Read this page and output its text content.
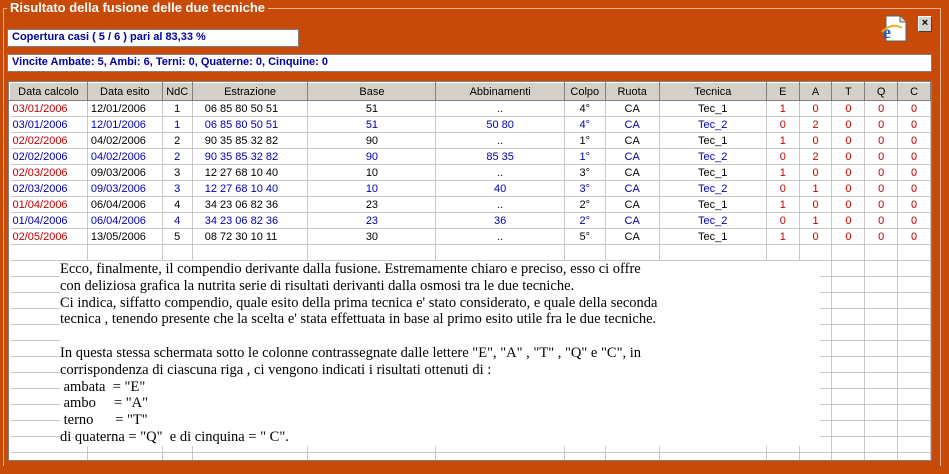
Risultato della fusione delle due tecniche
e	×
Copertura casi ( 5 / 6 ) pari al 83,33 %
Vincite Ambate: 5, Ambi: 6, Terni: 0, Quaterne: 0, Cinquine: 0
Data calcolo	Data esito	NdC	Estrazione	Base	Abbinamenti	Colpo	Ruota	Tecnica	E	A	T	Q	C
03/01/2006	12/01/2006	1	06 85 80 50 51	51	..	4°	CA	Tec_1	1	0	0	0	0
03/01/2006	12/01/2006	1	06 85 80 50 51	51	50 80	4°	CA	Tec_2	0	2	0	0	0
02/02/2006	04/02/2006	2	90 35 85 32 82	90	..	1°	CA	Tec_1	1	0	0	0	0
02/02/2006	04/02/2006	2	90 35 85 32 82	90	85 35	1°	CA	Tec_2	0	2	0	0	0
02/03/2006	09/03/2006	3	12 27 68 10 40	10	..	3°	CA	Tec_1	1	0	0	0	0
02/03/2006	09/03/2006	3	12 27 68 10 40	10	40	3°	CA	Tec_2	0	1	0	0	0
01/04/2006	06/04/2006	4	34 23 06 82 36	23	..	2°	CA	Tec_1	1	0	0	0	0
01/04/2006	06/04/2006	4	34 23 06 82 36	23	36	2°	CA	Tec_2	0	1	0	0	0
02/05/2006	13/05/2006	5	08 72 30 10 11	30	..	5°	CA	Tec_1	1	0	0	0	0

Ecco, finalmente, il compendio derivante dalla fusione. Estremamente chiaro e preciso, esso ci offre

con deliziosa grafica la nutrita serie di risultati derivanti dalla osmosi tra le due tecniche.

Ci indica, siffatto compendio, quale esito della prima tecnica e' stato considerato, e quale della seconda

tecnica , tenendo presente che la scelta e' stata effettuata in base al primo esito utile fra le due tecniche.

In questa stessa schermata sotto le colonne contrassegnate dalle lettere "E", "A" , "T" , "Q" e "C", in

corrispondenza di ciascuna riga , ci vengono indicati i risultati ottenuti di :

ambata  = "E"

ambo     = "A"

terno      = "T"

di quaterna = "Q"  e di cinquina = " C".
